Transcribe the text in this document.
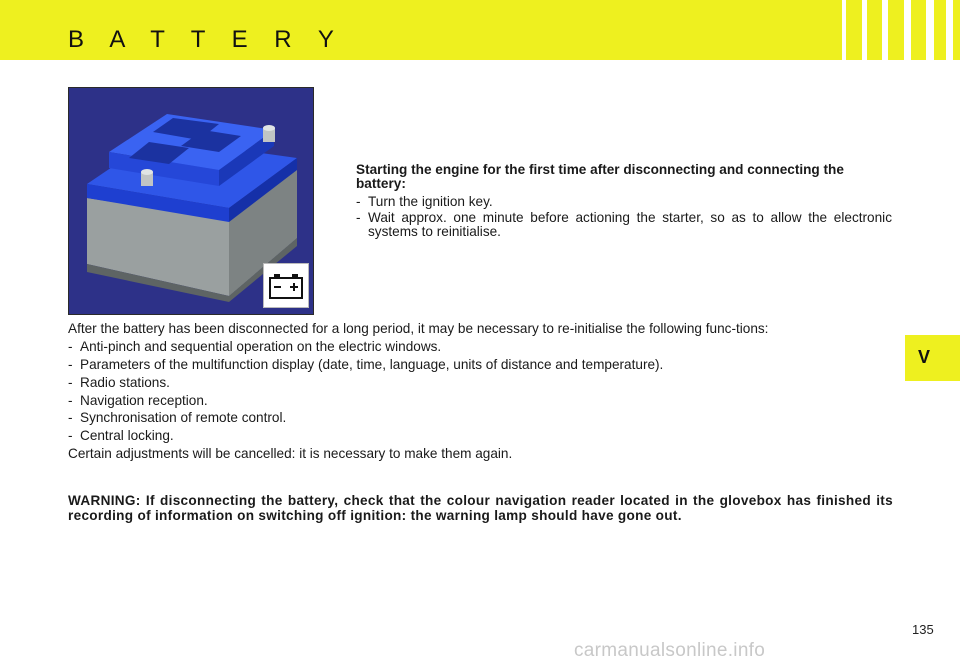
B A T T E R Y
Starting the engine for the first time after disconnecting and connecting the battery:
- Turn the ignition key.
- Wait approx. one minute before actioning the starter, so as to allow the electronic systems to reinitialise.

After the battery has been disconnected for a long period, it may be necessary to re-initialise the following func-tions:

- Anti-pinch and sequential operation on the electric windows.
- Parameters of the multifunction display (date, time, language, units of distance and temperature).
- Radio stations.
- Navigation reception.
- Synchronisation of remote control.
- Central locking.

Certain adjustments will be cancelled: it is necessary to make them again.

WARNING: If disconnecting the battery, check that the colour navigation reader located in the glovebox has finished its recording of information on switching off ignition: the warning lamp should have gone out.
V
135
carmanualsonline.info
